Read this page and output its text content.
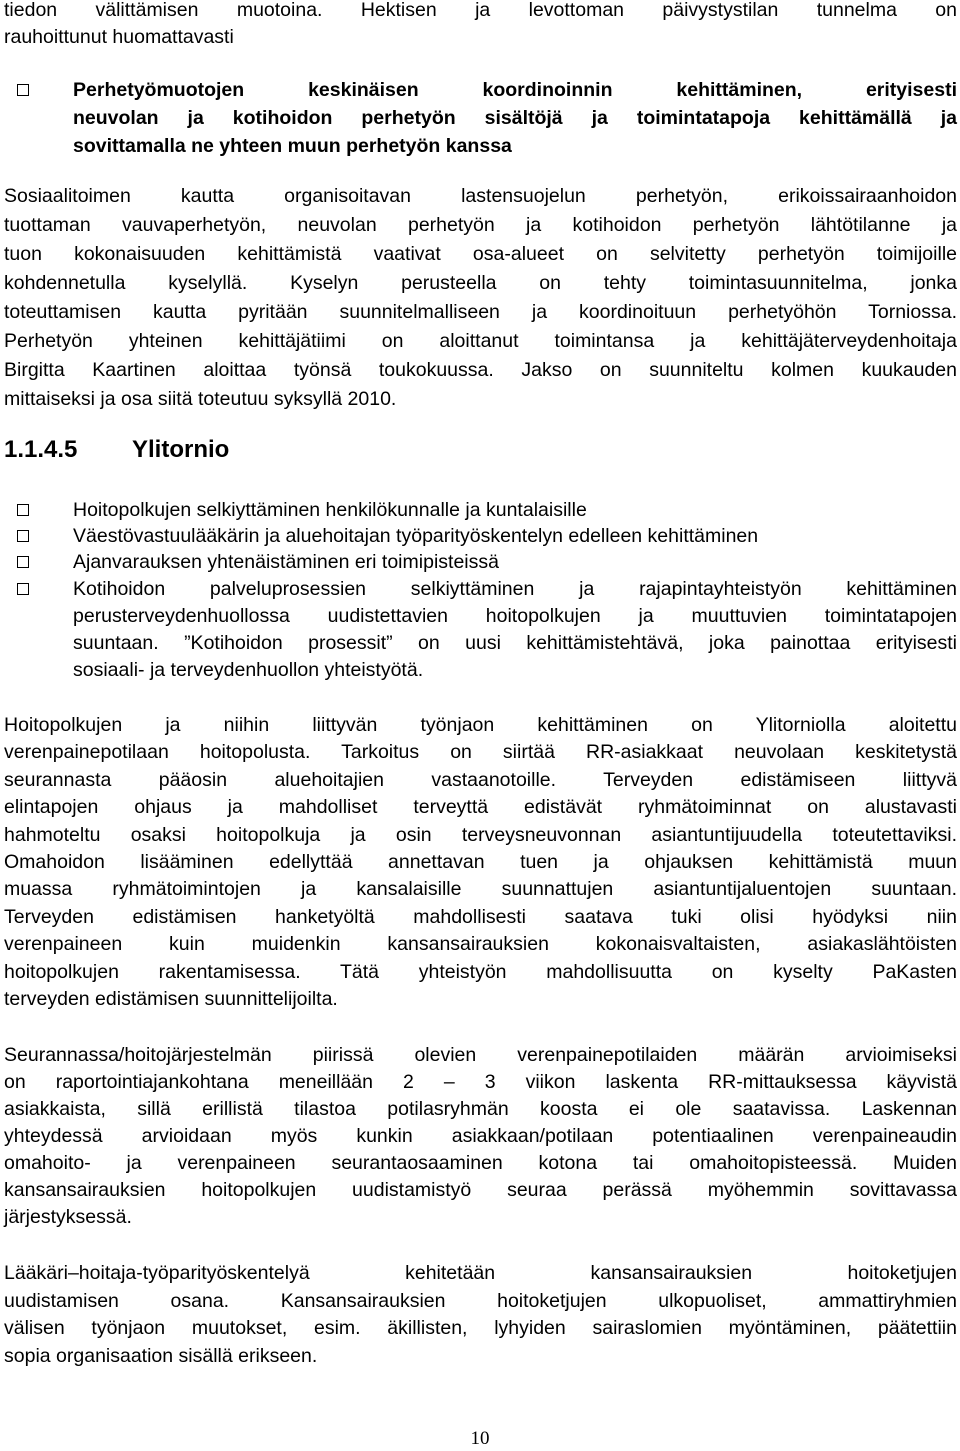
tiedon välittämisen muotoina. Hektisen ja levottoman päivystystilan tunnelma on
rauhoittunut huomattavasti
Perhetyömuotojen keskinäisen koordinoinnin kehittäminen, erityisesti
neuvolan ja kotihoidon perhetyön sisältöjä ja toimintatapoja kehittämällä ja
sovittamalla ne yhteen muun perhetyön kanssa
Sosiaalitoimen kautta organisoitavan lastensuojelun perhetyön, erikoissairaanhoidon
tuottaman vauvaperhetyön, neuvolan perhetyön ja kotihoidon perhetyön lähtötilanne ja
tuon kokonaisuuden kehittämistä vaativat osa-alueet on selvitetty perhetyön toimijoille
kohdennetulla kyselyllä. Kyselyn perusteella on tehty toimintasuunnitelma, jonka
toteuttamisen kautta pyritään suunnitelmalliseen ja koordinoituun perhetyöhön Torniossa.
Perhetyön yhteinen kehittäjätiimi on aloittanut toimintansa ja kehittäjäterveydenhoitaja
Birgitta Kaartinen aloittaa työnsä toukokuussa. Jakso on suunniteltu kolmen kuukauden
mittaiseksi ja osa siitä toteutuu syksyllä 2010.
1.1.4.5 Ylitornio
Hoitopolkujen selkiyttäminen henkilökunnalle ja kuntalaisille
Väestövastuulääkärin ja aluehoitajan työparityöskentelyn edelleen kehittäminen
Ajanvarauksen yhtenäistäminen eri toimipisteissä
Kotihoidon palveluprosessien selkiyttäminen ja rajapintayhteistyön kehittäminen
perusterveydenhuollossa uudistettavien hoitopolkujen ja muuttuvien toimintatapojen
suuntaan. ”Kotihoidon prosessit” on uusi kehittämistehtävä, joka painottaa erityisesti
sosiaali- ja terveydenhuollon yhteistyötä.
Hoitopolkujen ja niihin liittyvän työnjaon kehittäminen on Ylitorniolla aloitettu
verenpainepotilaan hoitopolusta. Tarkoitus on siirtää RR-asiakkaat neuvolaan keskitetystä
seurannasta pääosin aluehoitajien vastaanotoille. Terveyden edistämiseen liittyvä
elintapojen ohjaus ja mahdolliset terveyttä edistävät ryhmätoiminnat on alustavasti
hahmoteltu osaksi hoitopolkuja ja osin terveysneuvonnan asiantuntijuudella toteutettaviksi.
Omahoidon lisääminen edellyttää annettavan tuen ja ohjauksen kehittämistä muun
muassa ryhmätoimintojen ja kansalaisille suunnattujen asiantuntijaluentojen suuntaan.
Terveyden edistämisen hanketyöltä mahdollisesti saatava tuki olisi hyödyksi niin
verenpaineen kuin muidenkin kansansairauksien kokonaisvaltaisten, asiakaslähtöisten
hoitopolkujen rakentamisessa. Tätä yhteistyön mahdollisuutta on kyselty PaKasten
terveyden edistämisen suunnittelijoilta.
Seurannassa/hoitojärjestelmän piirissä olevien verenpainepotilaiden määrän arvioimiseksi
on raportointiajankohtana meneillään 2 – 3 viikon laskenta RR-mittauksessa käyvistä
asiakkaista, sillä erillistä tilastoa potilasryhmän koosta ei ole saatavissa. Laskennan
yhteydessä arvioidaan myös kunkin asiakkaan/potilaan potentiaalinen verenpaineaudin
omahoito- ja verenpaineen seurantaosaaminen kotona tai omahoitopisteessä. Muiden
kansansairauksien hoitopolkujen uudistamistyö seuraa perässä myöhemmin sovittavassa
järjestyksessä.
Lääkäri–hoitaja-työparityöskentelyä kehitetään kansansairauksien hoitoketjujen
uudistamisen osana. Kansansairauksien hoitoketjujen ulkopuoliset, ammattiryhmien
välisen työnjaon muutokset, esim. äkillisten, lyhyiden sairaslomien myöntäminen, päätettiin
sopia organisaation sisällä erikseen.
10
